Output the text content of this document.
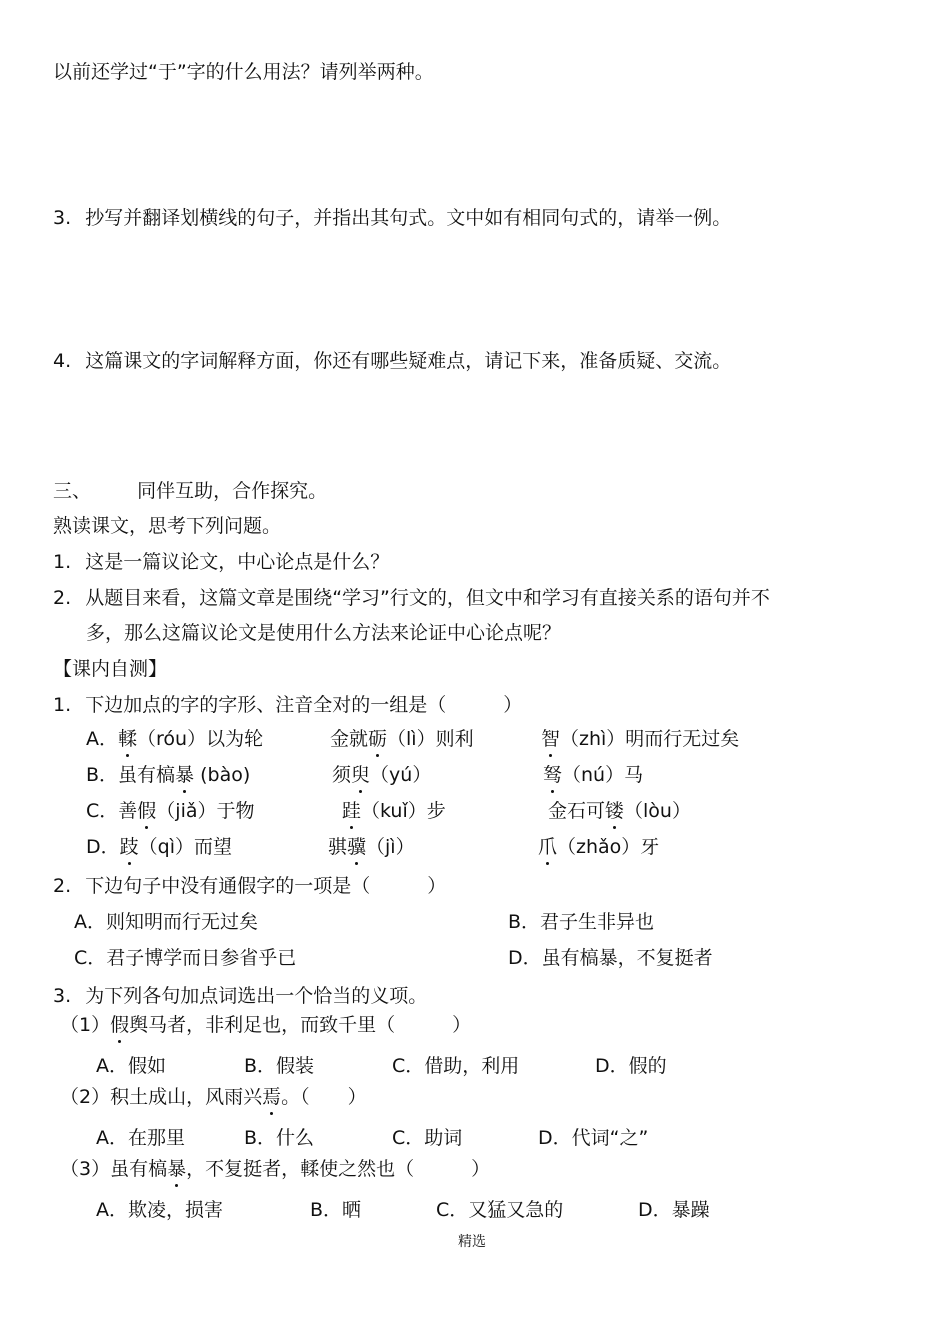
以前还学过“于”字的什么用法？请列举两种。
3. 抄写并翻译划横线的句子，并指出其句式。文中如有相同句式的，请举一例。
4. 这篇课文的字词解释方面，你还有哪些疑难点，请记下来，准备质疑、交流。
三、 同伴互助，合作探究。
熟读课文，思考下列问题。
1. 这是一篇议论文，中心论点是什么？
2. 从题目来看，这篇文章是围绕“学习”行文的，但文中和学习有直接关系的语句并不
多，那么这篇议论文是使用什么方法来论证中心论点呢？
【课内自测】
1. 下边加点的字的字形、注音全对的一组是（　　　）
A．輮（róu）以为轮	金就砺（lì）则利	智（zhì）明而行无过矣
B．虽有槁暴 (bào)	须臾（yú）	驽（nú）马
C．善假（jiǎ）于物	跬（kuǐ）步	金石可镂（lòu）
D．跂（qì）而望	骐骥（jì）	爪（zhǎo）牙
2. 下边句子中没有通假字的一项是（　　　）
A．则知明而行无过矣	B．君子生非异也
C．君子博学而日参省乎已	D．虽有槁暴，不复挺者
3. 为下列各句加点词选出一个恰当的义项。
（1）假舆马者，非利足也，而致千里（　　　）
A．假如	B．假装	C．借助，利用	D．假的
（2）积土成山，风雨兴焉。（　　）
A．在那里	B．什么	C．助词	D．代词“之”
（3）虽有槁暴，不复挺者，輮使之然也（　　　）
A．欺凌，损害	B．晒	C．又猛又急的	D．暴躁
精选
